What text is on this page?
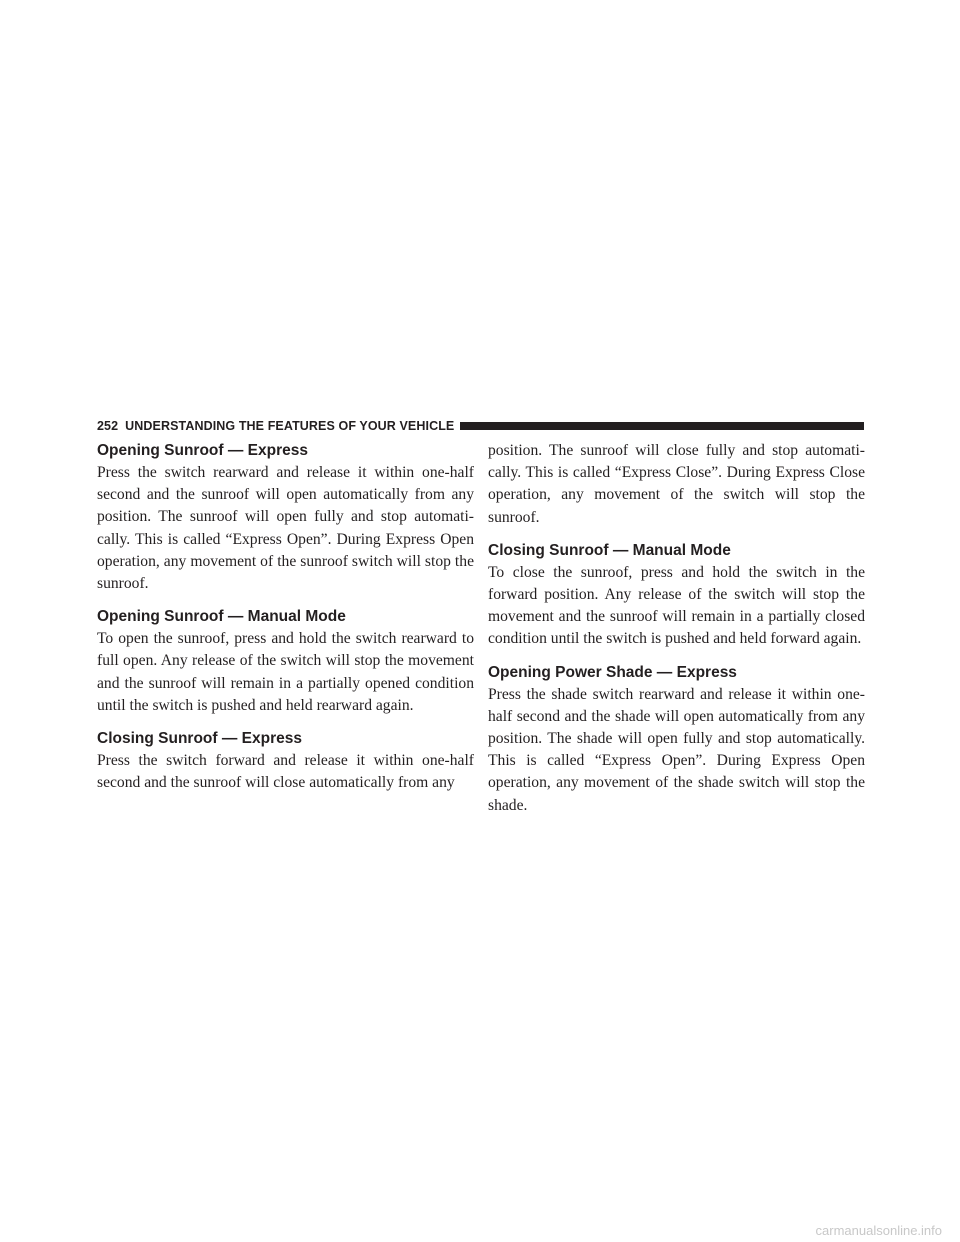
252 UNDERSTANDING THE FEATURES OF YOUR VEHICLE
Opening Sunroof — Express

Press the switch rearward and release it within one-half second and the sunroof will open automatically from any position. The sunroof will open fully and stop automati-cally. This is called “Express Open”. During Express Open operation, any movement of the sunroof switch will stop the sunroof.

Opening Sunroof — Manual Mode

To open the sunroof, press and hold the switch rearward to full open. Any release of the switch will stop the movement and the sunroof will remain in a partially opened condition until the switch is pushed and held rearward again.

Closing Sunroof — Express

Press the switch forward and release it within one-half second and the sunroof will close automatically from any

position. The sunroof will close fully and stop automati-cally. This is called “Express Close”. During Express Close operation, any movement of the switch will stop the sunroof.

Closing Sunroof — Manual Mode

To close the sunroof, press and hold the switch in the forward position. Any release of the switch will stop the movement and the sunroof will remain in a partially closed condition until the switch is pushed and held forward again.

Opening Power Shade — Express

Press the shade switch rearward and release it within one-half second and the shade will open automatically from any position. The shade will open fully and stop automatically. This is called “Express Open”. During Express Open operation, any movement of the shade switch will stop the shade.

carmanualsonline.info
